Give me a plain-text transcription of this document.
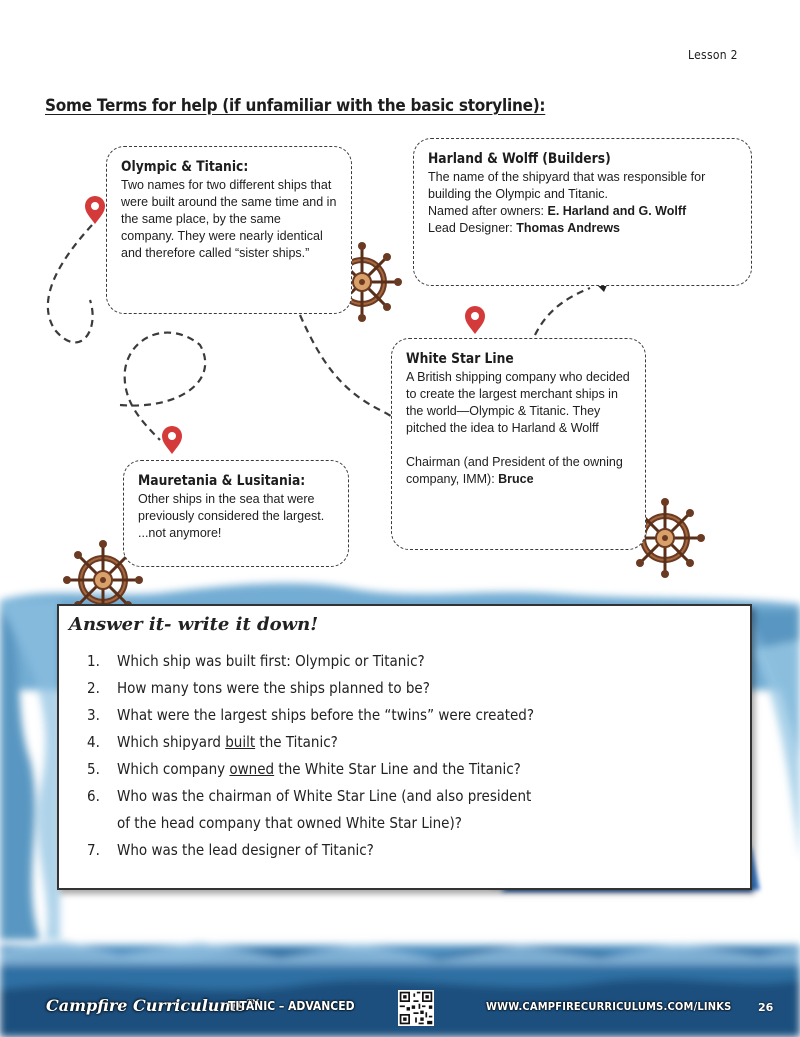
Lesson 2
Some Terms for help (if unfamiliar with the basic storyline):
Olympic & Titanic:

Two names for two different ships that were built around the same time and in the same place, by the same company. They were nearly identical and therefore called “sister ships.”

Harland & Wolff (Builders)

The name of the shipyard that was responsible for building the Olympic and Titanic.

Named after owners: E. Harland and G. Wolff

Lead Designer: Thomas Andrews

White Star Line

A British shipping company who decided to create the largest merchant ships in the world—Olympic & Titanic. They pitched the idea to Harland & Wolff

Chairman (and President of the owning company, IMM): Bruce

Mauretania & Lusitania:

Other ships in the sea that were previously considered the largest. ...not anymore!

Answer it- write it down!
1. Which ship was built first: Olympic or Titanic?
2. How many tons were the ships planned to be?
3. What were the largest ships before the “twins” were created?
4. Which shipyard built the Titanic?
5. Which company owned the White Star Line and the Titanic?
6. Who was the chairman of White Star Line (and also president of the head company that owned White Star Line)?
7. Who was the lead designer of Titanic?
Campfire Curriculums™
TITANIC – ADVANCED	WWW.CAMPFIRECURRICULUMS.COM/LINKS 26
